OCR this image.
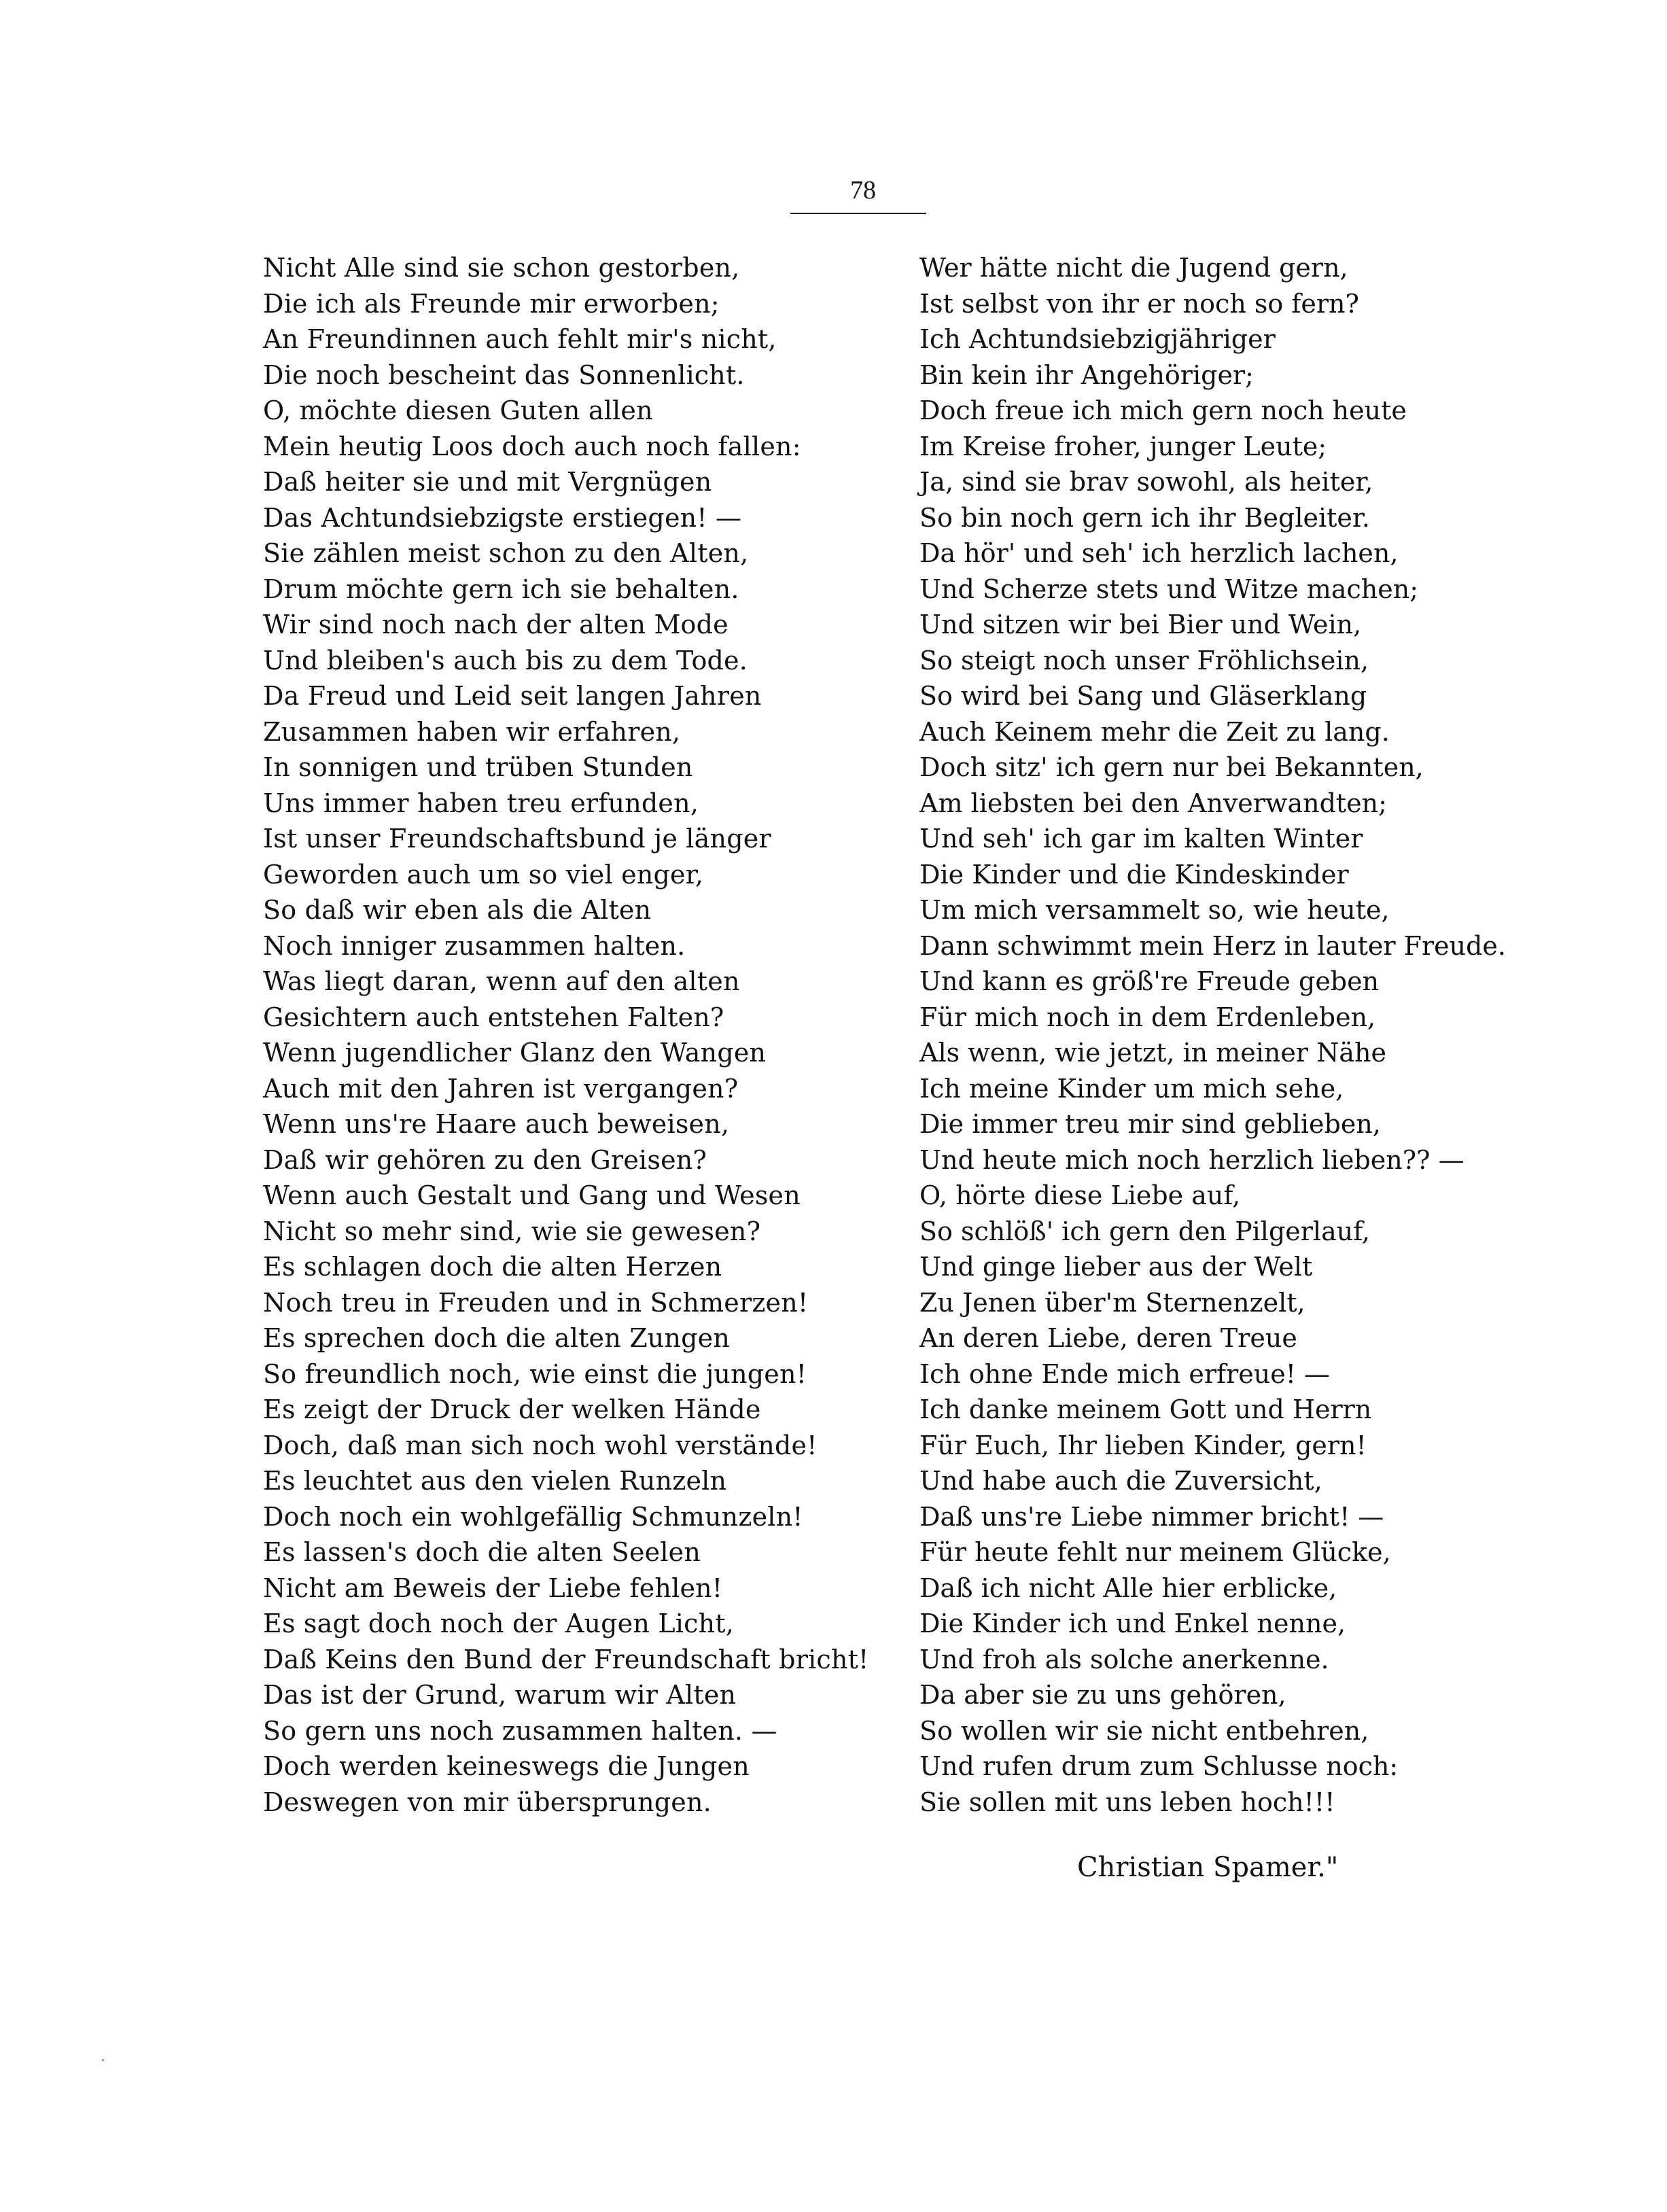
78
Nicht Alle sind sie schon gestorben,
Die ich als Freunde mir erworben;
An Freundinnen auch fehlt mir's nicht,
Die noch bescheint das Sonnenlicht.
O, möchte diesen Guten allen
Mein heutig Loos doch auch noch fallen:
Daß heiter sie und mit Vergnügen
Das Achtundsiebzigste erstiegen! —
Sie zählen meist schon zu den Alten,
Drum möchte gern ich sie behalten.
Wir sind noch nach der alten Mode
Und bleiben's auch bis zu dem Tode.
Da Freud und Leid seit langen Jahren
Zusammen haben wir erfahren,
In sonnigen und trüben Stunden
Uns immer haben treu erfunden,
Ist unser Freundschaftsbund je länger
Geworden auch um so viel enger,
So daß wir eben als die Alten
Noch inniger zusammen halten.
Was liegt daran, wenn auf den alten
Gesichtern auch entstehen Falten?
Wenn jugendlicher Glanz den Wangen
Auch mit den Jahren ist vergangen?
Wenn uns're Haare auch beweisen,
Daß wir gehören zu den Greisen?
Wenn auch Gestalt und Gang und Wesen
Nicht so mehr sind, wie sie gewesen?
Es schlagen doch die alten Herzen
Noch treu in Freuden und in Schmerzen!
Es sprechen doch die alten Zungen
So freundlich noch, wie einst die jungen!
Es zeigt der Druck der welken Hände
Doch, daß man sich noch wohl verstände!
Es leuchtet aus den vielen Runzeln
Doch noch ein wohlgefällig Schmunzeln!
Es lassen's doch die alten Seelen
Nicht am Beweis der Liebe fehlen!
Es sagt doch noch der Augen Licht,
Daß Keins den Bund der Freundschaft bricht!
Das ist der Grund, warum wir Alten
So gern uns noch zusammen halten. —
Doch werden keineswegs die Jungen
Deswegen von mir übersprungen.
Wer hätte nicht die Jugend gern,
Ist selbst von ihr er noch so fern?
Ich Achtundsiebzigjähriger
Bin kein ihr Angehöriger;
Doch freue ich mich gern noch heute
Im Kreise froher, junger Leute;
Ja, sind sie brav sowohl, als heiter,
So bin noch gern ich ihr Begleiter.
Da hör' und seh' ich herzlich lachen,
Und Scherze stets und Witze machen;
Und sitzen wir bei Bier und Wein,
So steigt noch unser Fröhlichsein,
So wird bei Sang und Gläserklang
Auch Keinem mehr die Zeit zu lang.
Doch sitz' ich gern nur bei Bekannten,
Am liebsten bei den Anverwandten;
Und seh' ich gar im kalten Winter
Die Kinder und die Kindeskinder
Um mich versammelt so, wie heute,
Dann schwimmt mein Herz in lauter Freude.
Und kann es größ're Freude geben
Für mich noch in dem Erdenleben,
Als wenn, wie jetzt, in meiner Nähe
Ich meine Kinder um mich sehe,
Die immer treu mir sind geblieben,
Und heute mich noch herzlich lieben?? —
O, hörte diese Liebe auf,
So schlöß' ich gern den Pilgerlauf,
Und ginge lieber aus der Welt
Zu Jenen über'm Sternenzelt,
An deren Liebe, deren Treue
Ich ohne Ende mich erfreue! —
Ich danke meinem Gott und Herrn
Für Euch, Ihr lieben Kinder, gern!
Und habe auch die Zuversicht,
Daß uns're Liebe nimmer bricht! —
Für heute fehlt nur meinem Glücke,
Daß ich nicht Alle hier erblicke,
Die Kinder ich und Enkel nenne,
Und froh als solche anerkenne.
Da aber sie zu uns gehören,
So wollen wir sie nicht entbehren,
Und rufen drum zum Schlusse noch:
Sie sollen mit uns leben hoch!!!
Christian Spamer."
